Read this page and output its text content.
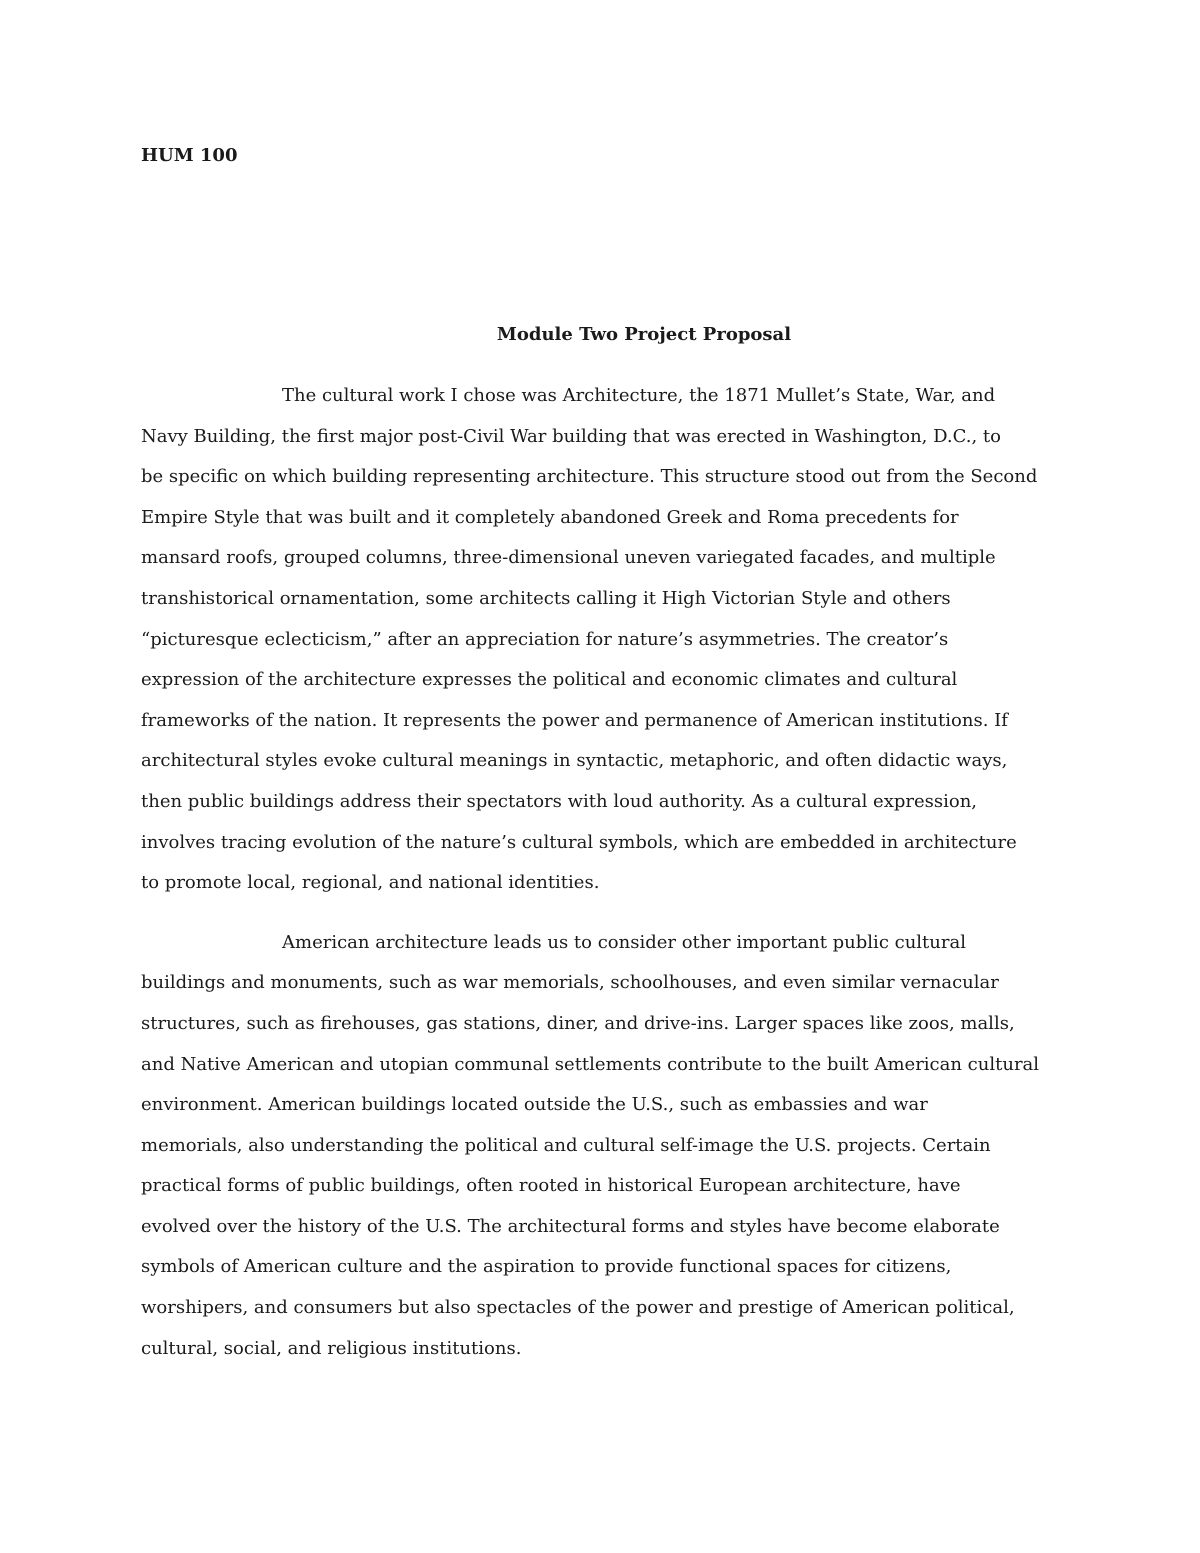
HUM 100
Module Two Project Proposal
The cultural work I chose was Architecture, the 1871 Mullet’s State, War, and
Navy Building, the first major post-Civil War building that was erected in Washington, D.C., to
be specific on which building representing architecture. This structure stood out from the Second
Empire Style that was built and it completely abandoned Greek and Roma precedents for
mansard roofs, grouped columns, three-dimensional uneven variegated facades, and multiple
transhistorical ornamentation, some architects calling it High Victorian Style and others
“picturesque eclecticism,” after an appreciation for nature’s asymmetries. The creator’s
expression of the architecture expresses the political and economic climates and cultural
frameworks of the nation. It represents the power and permanence of American institutions. If
architectural styles evoke cultural meanings in syntactic, metaphoric, and often didactic ways,
then public buildings address their spectators with loud authority. As a cultural expression,
involves tracing evolution of the nature’s cultural symbols, which are embedded in architecture
to promote local, regional, and national identities.
American architecture leads us to consider other important public cultural
buildings and monuments, such as war memorials, schoolhouses, and even similar vernacular
structures, such as firehouses, gas stations, diner, and drive-ins. Larger spaces like zoos, malls,
and Native American and utopian communal settlements contribute to the built American cultural
environment. American buildings located outside the U.S., such as embassies and war
memorials, also understanding the political and cultural self-image the U.S. projects. Certain
practical forms of public buildings, often rooted in historical European architecture, have
evolved over the history of the U.S. The architectural forms and styles have become elaborate
symbols of American culture and the aspiration to provide functional spaces for citizens,
worshipers, and consumers but also spectacles of the power and prestige of American political,
cultural, social, and religious institutions.
